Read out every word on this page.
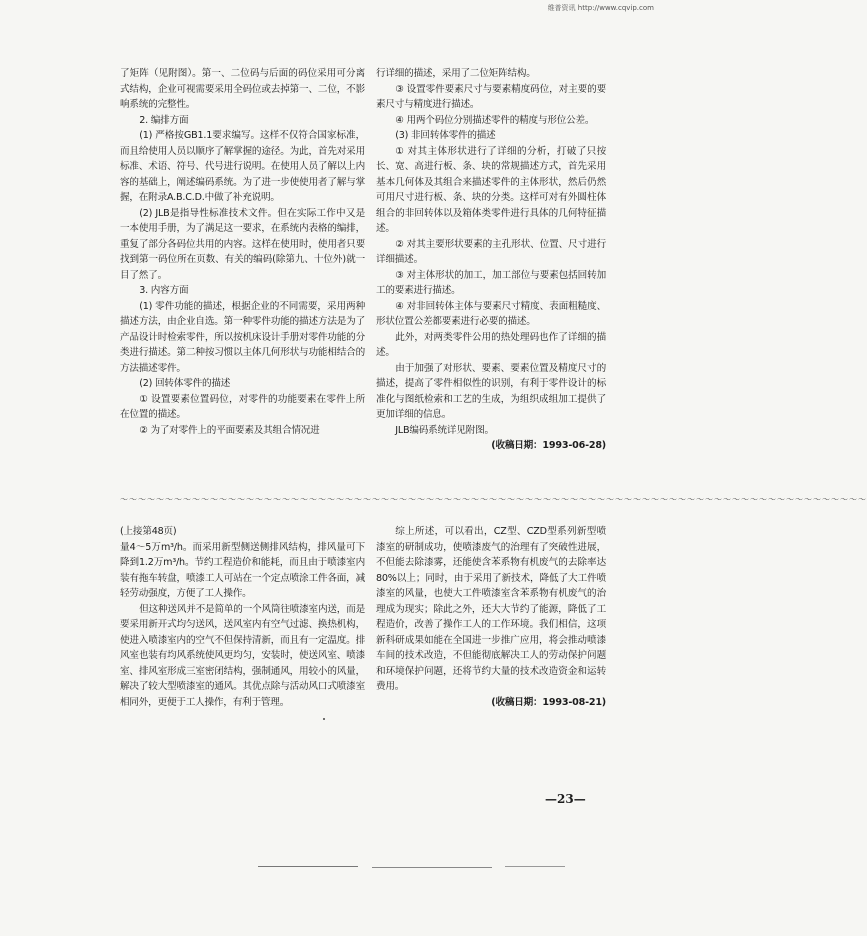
维普资讯 http://www.cqvip.com

了矩阵（见附图）。第一、二位码与后面的码位采用可分离式结构，企业可视需要采用全码位或去掉第一、二位，不影响系统的完整性。

2. 编排方面

(1) 严格按GB1.1要求编写。这样不仅符合国家标准，而且给使用人员以顺序了解掌握的途径。为此，首先对采用标准、术语、符号、代号进行说明。在使用人员了解以上内容的基础上，阐述编码系统。为了进一步使使用者了解与掌握，在附录A.B.C.D.中做了补充说明。

(2) JLB是指导性标准技术文件。但在实际工作中又是一本使用手册，为了满足这一要求，在系统内表格的编排，重复了部分各码位共用的内容。这样在使用时，使用者只要找到第一码位所在页数、有关的编码(除第九、十位外)就一目了然了。

3. 内容方面

(1) 零件功能的描述，根据企业的不同需要，采用两种描述方法，由企业自选。第一种零件功能的描述方法是为了产品设计时检索零件，所以按机床设计手册对零件功能的分类进行描述。第二种按习惯以主体几何形状与功能相结合的方法描述零件。

(2) 回转体零件的描述

① 设置要素位置码位，对零件的功能要素在零件上所在位置的描述。

② 为了对零件上的平面要素及其组合情况进

行详细的描述，采用了二位矩阵结构。

③ 设置零件要素尺寸与要素精度码位，对主要的要素尺寸与精度进行描述。

④ 用两个码位分别描述零件的精度与形位公差。

(3) 非回转体零件的描述

① 对其主体形状进行了详细的分析，打破了只按长、宽、高进行板、条、块的常规描述方式，首先采用基本几何体及其组合来描述零件的主体形状，然后仍然可用尺寸进行板、条、块的分类。这样可对有外圆柱体组合的非回转体以及箱体类零件进行具体的几何特征描述。

② 对其主要形状要素的主孔形状、位置、尺寸进行详细描述。

③ 对主体形状的加工，加工部位与要素包括回转加工的要素进行描述。

④ 对非回转体主体与要素尺寸精度、表面粗糙度、形状位置公差都要素进行必要的描述。

此外，对两类零件公用的热处理码也作了详细的描述。

由于加强了对形状、要素、要素位置及精度尺寸的描述，提高了零件相似性的识别，有利于零件设计的标准化与图纸检索和工艺的生成，为组织成组加工提供了更加详细的信息。

JLB编码系统详见附图。

(收稿日期：1993-06-28)

～～～～～～～～～～～～～～～～～～～～～～～～～～～～～～～～～～～～～～～～～～～～～～～～～～～～～～～～～～～～～～～～～～～～～～～～～～～～～～～～～～～

(上接第48页)

量4～5万m³/h。而采用新型侧送侧排风结构，排风量可下降到1.2万m³/h。节约工程造价和能耗，而且由于喷漆室内装有拖车转盘，喷漆工人可站在一个定点喷涂工件各面，减轻劳动强度，方便了工人操作。

但这种送风并不是简单的一个风筒往喷漆室内送，而是要采用新开式均匀送风，送风室内有空气过滤、换热机构，使进入喷漆室内的空气不但保持清新，而且有一定温度。排风室也装有均风系统使风更均匀，安装时，使送风室、喷漆室、排风室形成三室密闭结构，强制通风，用较小的风量，解决了较大型喷漆室的通风。其优点除与活动风口式喷漆室相同外，更便于工人操作，有利于管理。

综上所述，可以看出，CZ型、CZD型系列新型喷漆室的研制成功，使喷漆废气的治理有了突破性进展，不但能去除漆雾，还能使含苯系物有机废气的去除率达80%以上；同时，由于采用了新技术，降低了大工件喷漆室的风量，也使大工件喷漆室含苯系物有机废气的治理成为现实；除此之外，还大大节约了能源，降低了工程造价，改善了操作工人的工作环境。我们相信，这项新科研成果如能在全国进一步推广应用，将会推动喷漆车间的技术改造，不但能彻底解决工人的劳动保护问题和环境保护问题，还将节约大量的技术改造资金和运转费用。

(收稿日期：1993-08-21)

—23—
